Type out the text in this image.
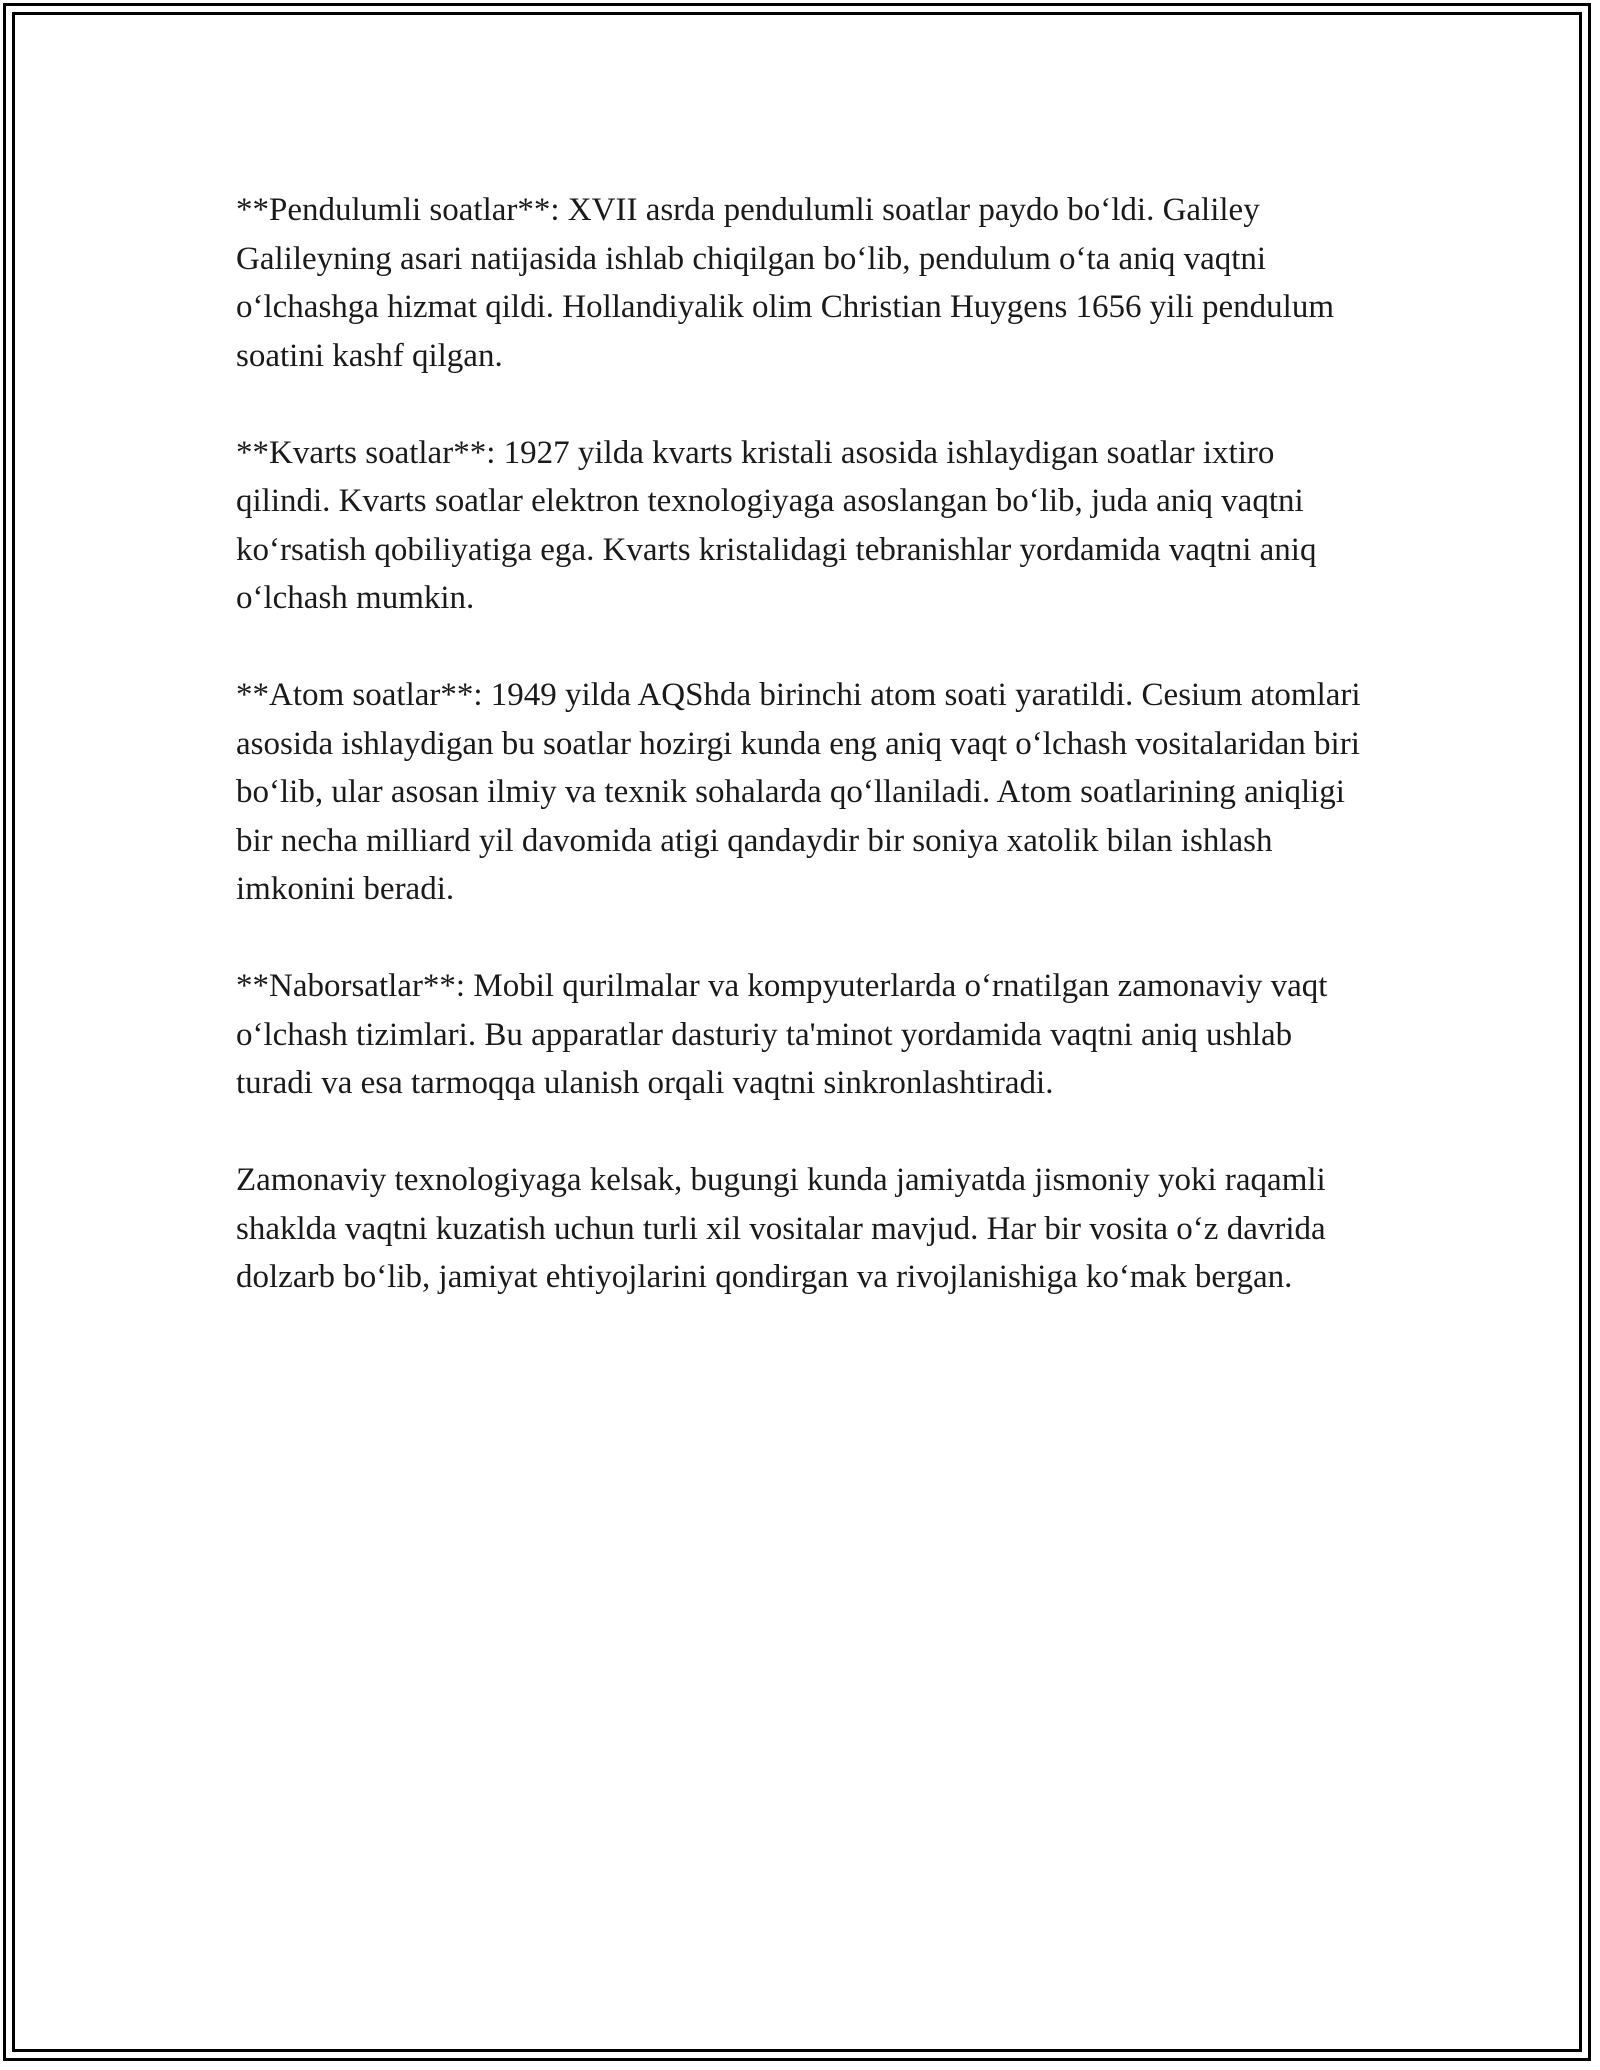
**Pendulumli soatlar**: XVII asrda pendulumli soatlar paydo bo‘ldi. Galiley Galileyning asari natijasida ishlab chiqilgan bo‘lib, pendulum o‘ta aniq vaqtni o‘lchashga hizmat qildi. Hollandiyalik olim Christian Huygens 1656 yili pendulum soatini kashf qilgan.

**Kvarts soatlar**: 1927 yilda kvarts kristali asosida ishlaydigan soatlar ixtiro qilindi. Kvarts soatlar elektron texnologiyaga asoslangan bo‘lib, juda aniq vaqtni ko‘rsatish qobiliyatiga ega. Kvarts kristalidagi tebranishlar yordamida vaqtni aniq o‘lchash mumkin.

**Atom soatlar**: 1949 yilda AQShda birinchi atom soati yaratildi. Cesium atomlari asosida ishlaydigan bu soatlar hozirgi kunda eng aniq vaqt o‘lchash vositalaridan biri bo‘lib, ular asosan ilmiy va texnik sohalarda qo‘llaniladi. Atom soatlarining aniqligi bir necha milliard yil davomida atigi qandaydir bir soniya xatolik bilan ishlash imkonini beradi.

**Naborsatlar**: Mobil qurilmalar va kompyuterlarda o‘rnatilgan zamonaviy vaqt o‘lchash tizimlari. Bu apparatlar dasturiy ta'minot yordamida vaqtni aniq ushlab turadi va esa tarmoqqa ulanish orqali vaqtni sinkronlashtiradi.

Zamonaviy texnologiyaga kelsak, bugungi kunda jamiyatda jismoniy yoki raqamli shaklda vaqtni kuzatish uchun turli xil vositalar mavjud. Har bir vosita o‘z davrida dolzarb bo‘lib, jamiyat ehtiyojlarini qondirgan va rivojlanishiga ko‘mak bergan.
